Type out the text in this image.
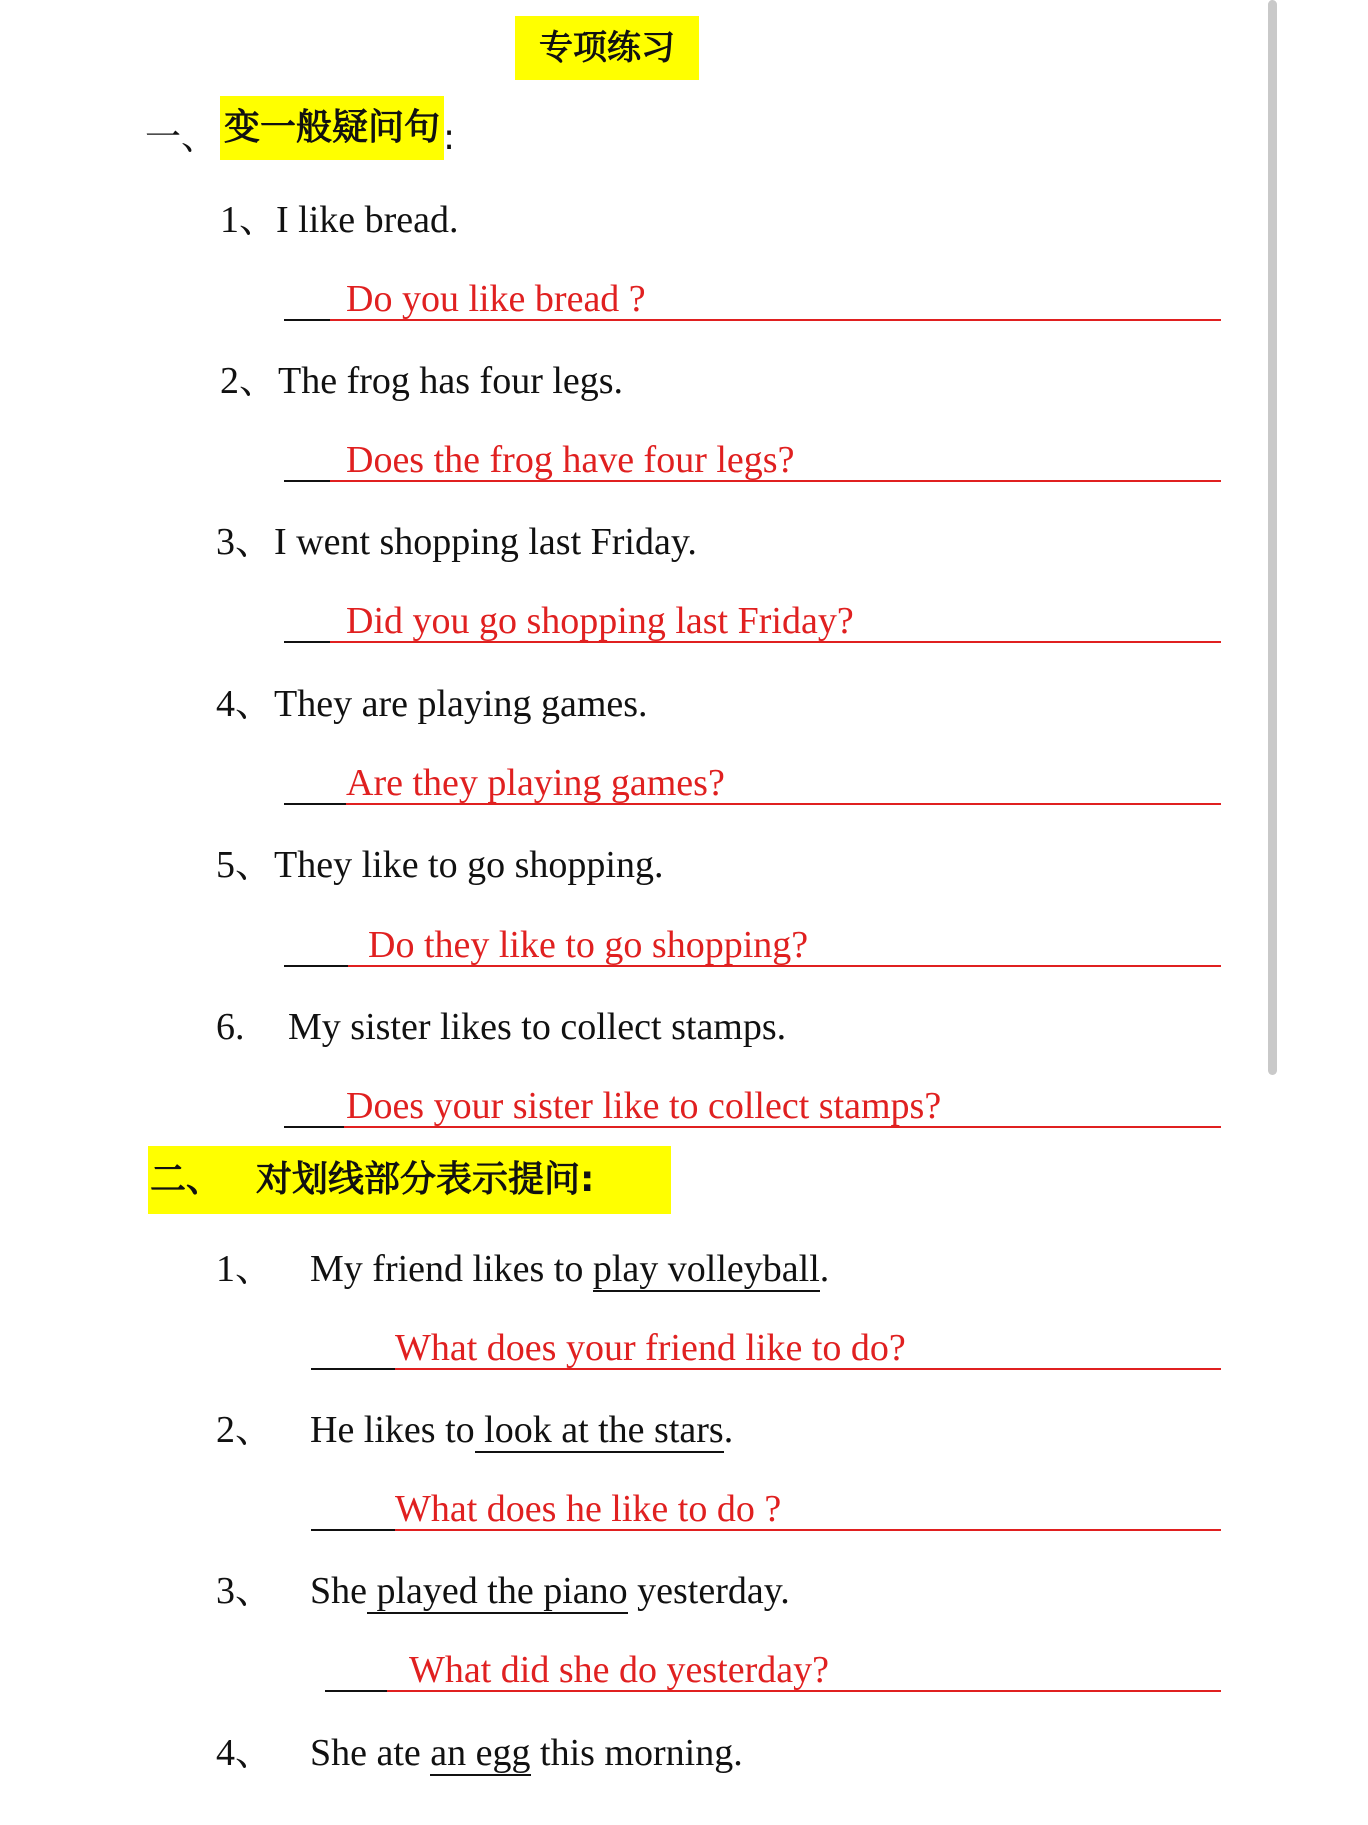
专项练习
一、 变一般疑问句 :
1、
I like bread.
Do you like bread ?
2、 The frog has four legs.
Does the frog have four legs?
3、 I went shopping last Friday.
Did you go shopping last Friday?
4、 They are playing games.
Are they playing games?
5、 They like to go shopping.
Do they like to go shopping?
6. My sister likes to collect stamps.
Does your sister like to collect stamps?
二、 对划线部分表示提问:
1、 My friend likes to play volleyball.
What does your friend like to do?
2、 He likes to look at the stars.
What does he like to do ?
3、 She played the piano yesterday.
What did she do yesterday?
4、 She ate an egg this morning.
